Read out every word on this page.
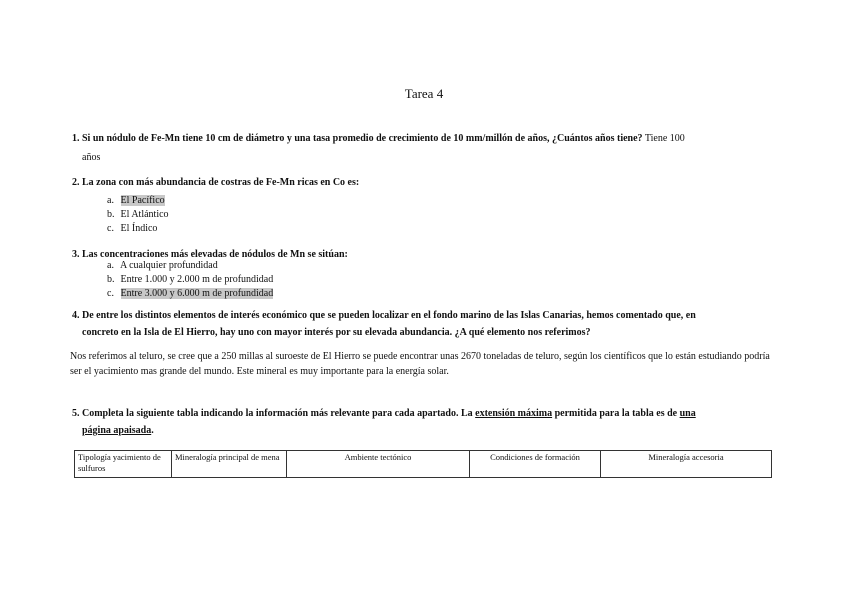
Tarea 4
1. Si un nódulo de Fe-Mn tiene 10 cm de diámetro y una tasa promedio de crecimiento de 10 mm/millón de años, ¿Cuántos años tiene? Tiene 100
años
2. La zona con más abundancia de costras de Fe-Mn ricas en Co es:
a. El Pacífico
b. El Atlántico
c. El Índico
3. Las concentraciones más elevadas de nódulos de Mn se sitúan:
a. A cualquier profundidad
b. Entre 1.000 y 2.000 m de profundidad
c. Entre 3.000 y 6.000 m de profundidad
4. De entre los distintos elementos de interés económico que se pueden localizar en el fondo marino de las Islas Canarias, hemos comentado que, en
concreto en la Isla de El Hierro, hay uno con mayor interés por su elevada abundancia. ¿A qué elemento nos referimos?
Nos referimos al teluro, se cree que a 250 millas al suroeste de El Hierro se puede encontrar unas 2670 toneladas de teluro, según los científicos que lo están estudiando podría ser el yacimiento mas grande del mundo. Este mineral es muy importante para la energía solar.
5. Completa la siguiente tabla indicando la información más relevante para cada apartado. La extensión máxima permitida para la tabla es de una
página apaisada.
Tipología yacimiento de sulfuros	Mineralogía principal de mena	Ambiente tectónico	Condiciones de formación	Mineralogía accesoria
